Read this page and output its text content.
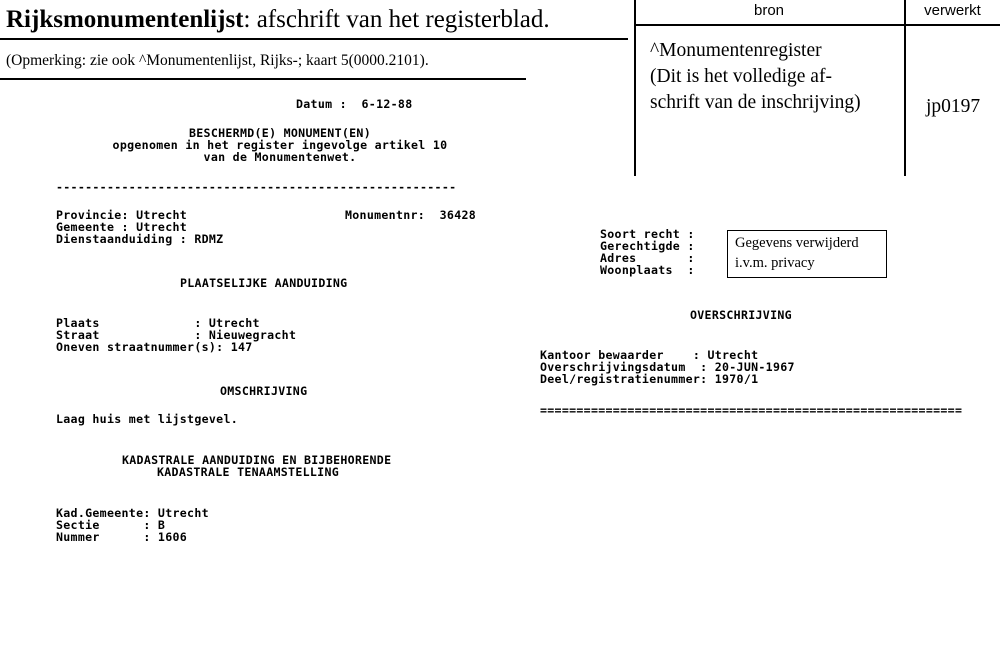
Rijksmonumentenlijst: afschrift van het registerblad.
(Opmerking: zie ook ^Monumentenlijst, Rijks-; kaart 5(0000.2101).
bron	verwerkt
^Monumentenregister
(Dit is het volledige af-
schrift van de inschrijving)	jp0197
Datum :  6-12-88
BESCHERMD(E) MONUMENT(EN)
opgenomen in het register ingevolge artikel 10
van de Monumentenwet.
-------------------------------------------------------
Provincie: Utrecht	Monumentnr:  36428
Gemeente : Utrecht
Dienstaanduiding : RDMZ
PLAATSELIJKE AANDUIDING
Plaats             : Utrecht
Straat             : Nieuwegracht
Oneven straatnummer(s): 147
OMSCHRIJVING
Laag huis met lijstgevel.
KADASTRALE AANDUIDING EN BIJBEHORENDE
KADASTRALE TENAAMSTELLING
Kad.Gemeente: Utrecht
Sectie      : B
Nummer      : 1606
Soort recht :
Gerechtigde :
Adres       :
Woonplaats  :
Gegevens verwijderd
i.v.m. privacy
OVERSCHRIJVING
Kantoor bewaarder    : Utrecht
Overschrijvingsdatum  : 20-JUN-1967
Deel/registratienummer: 1970/1
==========================================================
